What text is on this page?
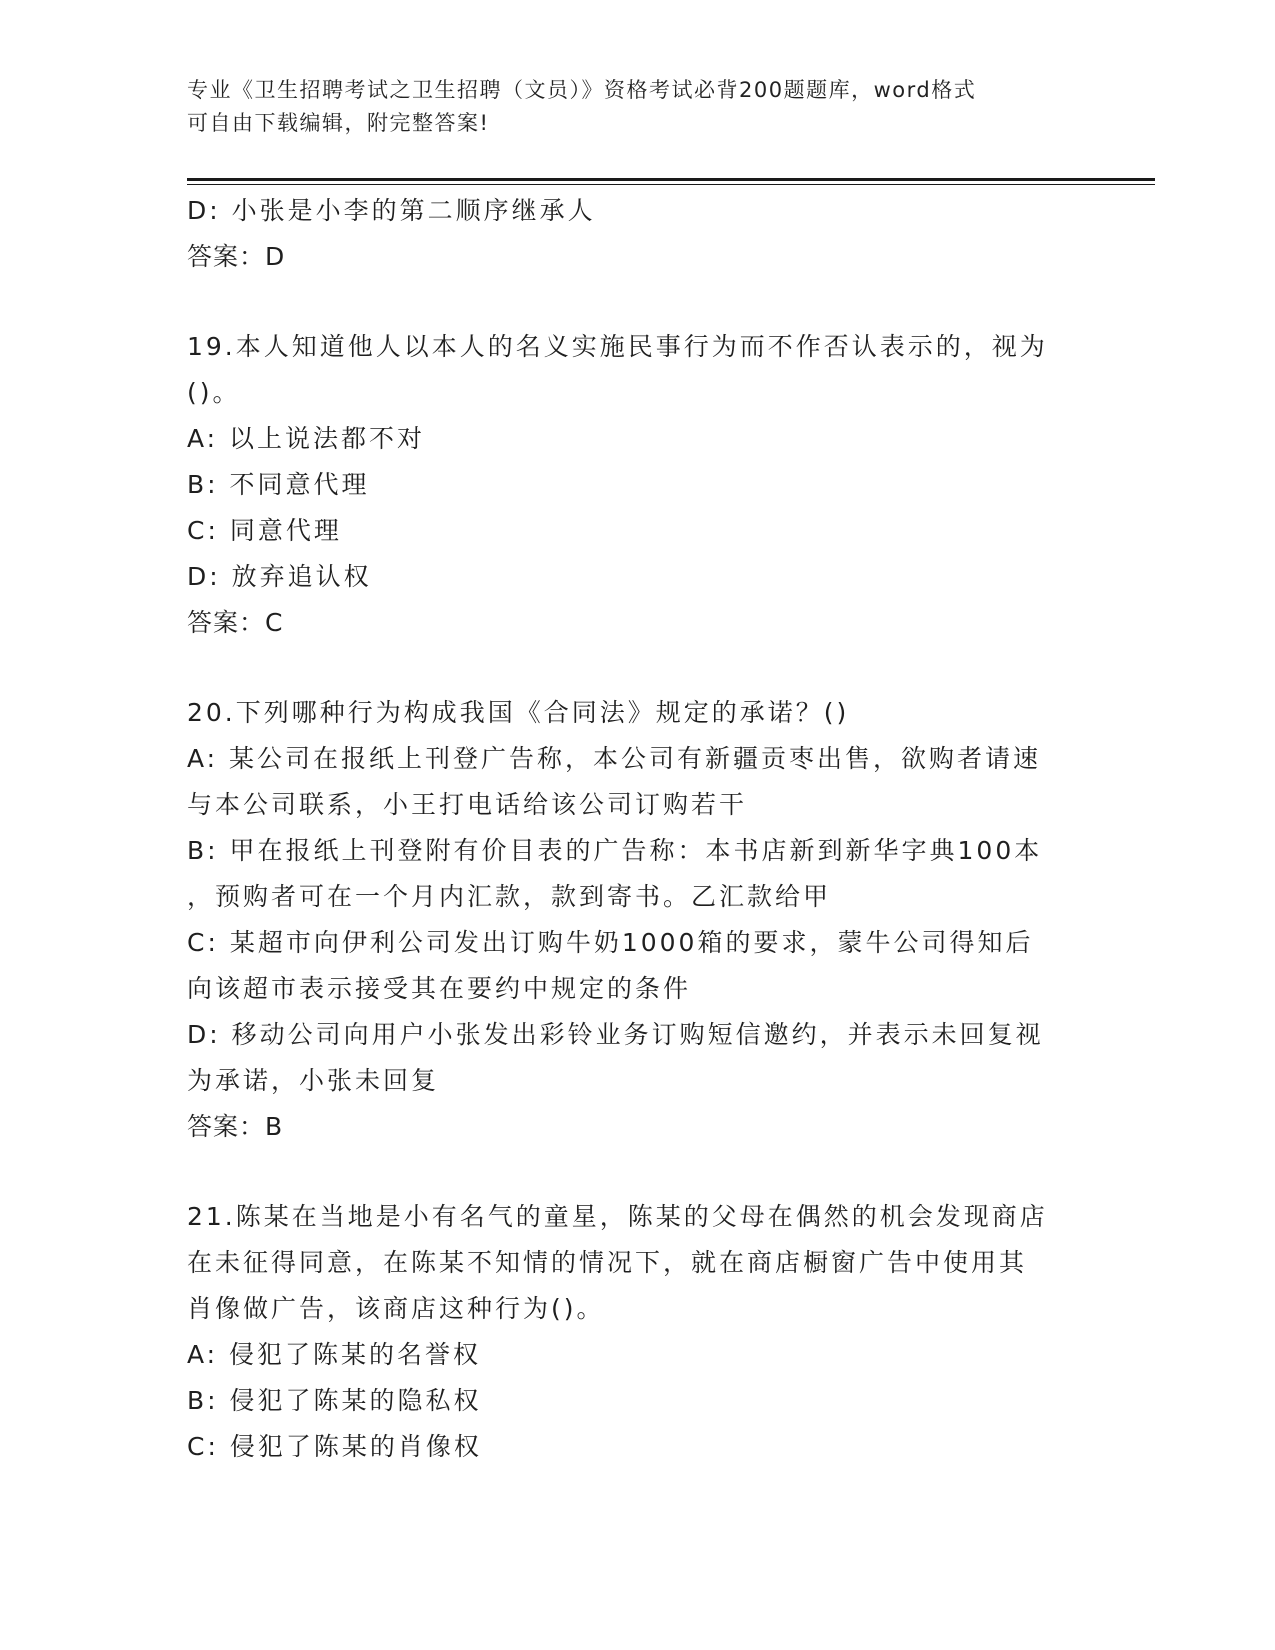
专业《卫生招聘考试之卫生招聘（文员）》资格考试必背200题题库，word格式
可自由下载编辑，附完整答案!
D: 小张是小李的第二顺序继承人
答案：D
19.本人知道他人以本人的名义实施民事行为而不作否认表示的，视为
()。
A: 以上说法都不对
B: 不同意代理
C: 同意代理
D: 放弃追认权
答案：C
20.下列哪种行为构成我国《合同法》规定的承诺？()
A: 某公司在报纸上刊登广告称，本公司有新疆贡枣出售，欲购者请速
与本公司联系，小王打电话给该公司订购若干
B: 甲在报纸上刊登附有价目表的广告称：本书店新到新华字典100本
，预购者可在一个月内汇款，款到寄书。乙汇款给甲
C: 某超市向伊利公司发出订购牛奶1000箱的要求，蒙牛公司得知后
向该超市表示接受其在要约中规定的条件
D: 移动公司向用户小张发出彩铃业务订购短信邀约，并表示未回复视
为承诺，小张未回复
答案：B
21.陈某在当地是小有名气的童星，陈某的父母在偶然的机会发现商店
在未征得同意，在陈某不知情的情况下，就在商店橱窗广告中使用其
肖像做广告，该商店这种行为()。
A: 侵犯了陈某的名誉权
B: 侵犯了陈某的隐私权
C: 侵犯了陈某的肖像权
